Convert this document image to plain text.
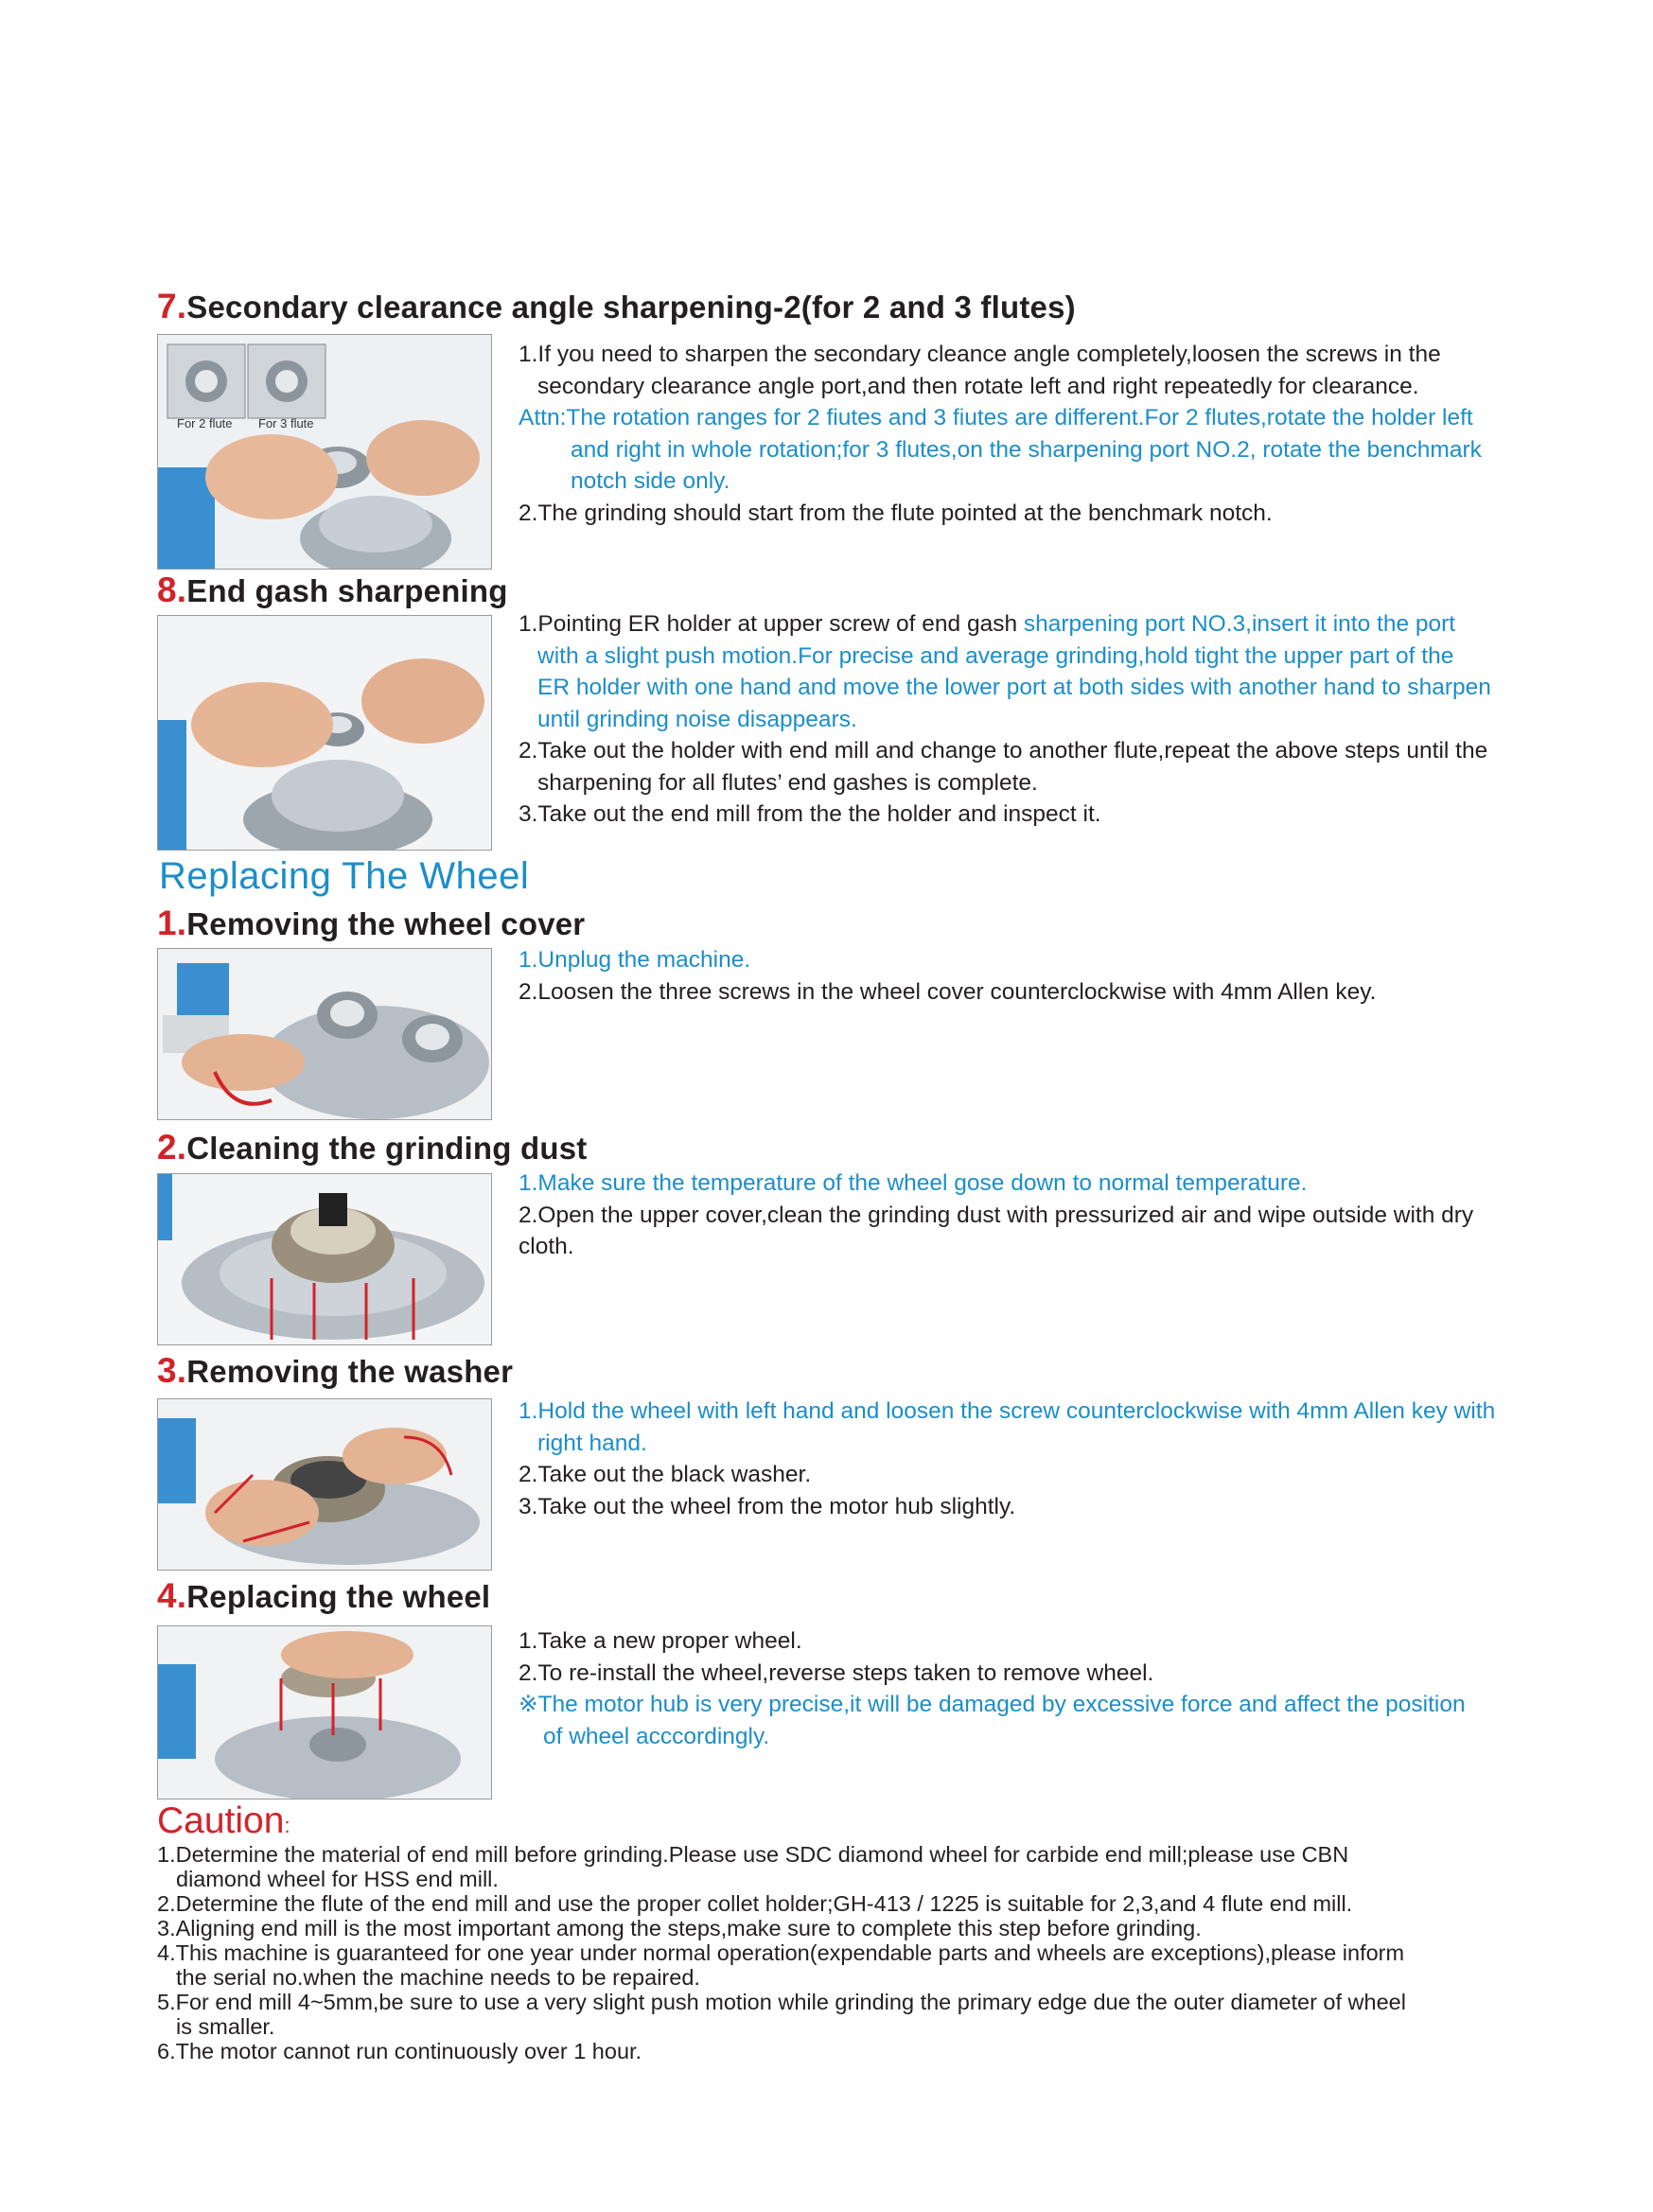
7.Secondary clearance angle sharpening-2(for 2 and 3 flutes)
For 2 flute For 3 flute

1.If you need to sharpen the secondary cleance angle completely,loosen the screws in the

secondary clearance angle port,and then rotate left and right repeatedly for clearance.

Attn:The rotation ranges for 2 fiutes and 3 fiutes are different.For 2 flutes,rotate the holder left

and right in whole rotation;for 3 flutes,on the sharpening port NO.2, rotate the benchmark

notch side only.

2.The grinding should start from the flute pointed at the benchmark notch.

8.End gash sharpening

1.Pointing ER holder at upper screw of end gash sharpening port NO.3,insert it into the port

with a slight push motion.For precise and average grinding,hold tight the upper part of the

ER holder with one hand and move the lower port at both sides with another hand to sharpen

until grinding noise disappears.

2.Take out the holder with end mill and change to another flute,repeat the above steps until the

sharpening for all flutes’ end gashes is complete.

3.Take out the end mill from the the holder and inspect it.

Replacing The Wheel
1.Removing the wheel cover

1.Unplug the machine.

2.Loosen the three screws in the wheel cover counterclockwise with 4mm Allen key.

2.Cleaning the grinding dust

1.Make sure the temperature of the wheel gose down to normal temperature.

2.Open the upper cover,clean the grinding dust with pressurized air and wipe outside with dry

cloth.

3.Removing the washer

1.Hold the wheel with left hand and loosen the screw counterclockwise with 4mm Allen key with

right hand.

2.Take out the black washer.

3.Take out the wheel from the motor hub slightly.

4.Replacing the wheel

1.Take a new proper wheel.

2.To re-install the wheel,reverse steps taken to remove wheel.

※The motor hub is very precise,it will be damaged by excessive force and affect the position

of wheel acccordingly.

Caution:

1.Determine the material of end mill before grinding.Please use SDC diamond wheel for carbide end mill;please use CBN

diamond wheel for HSS end mill.

2.Determine the flute of the end mill and use the proper collet holder;GH-413 / 1225 is suitable for 2,3,and 4 flute end mill.

3.Aligning end mill is the most important among the steps,make sure to complete this step before grinding.

4.This machine is guaranteed for one year under normal operation(expendable parts and wheels are exceptions),please inform

the serial no.when the machine needs to be repaired.

5.For end mill 4~5mm,be sure to use a very slight push motion while grinding the primary edge due the outer diameter of wheel

is smaller.

6.The motor cannot run continuously over 1 hour.
